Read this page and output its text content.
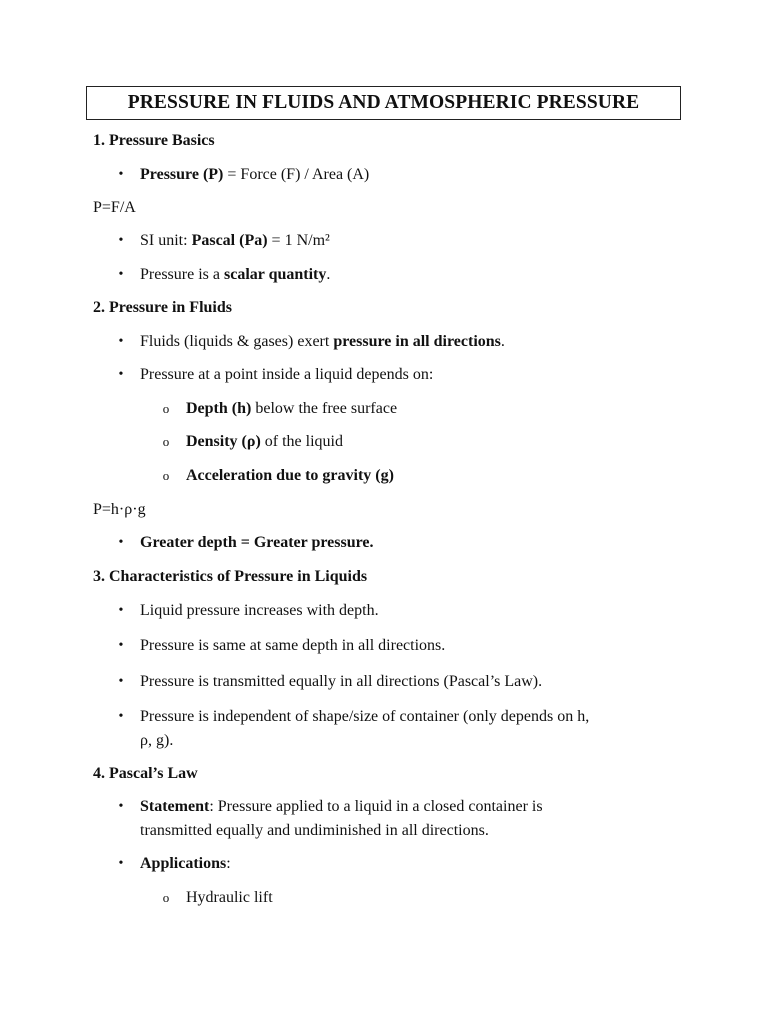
PRESSURE IN FLUIDS AND ATMOSPHERIC PRESSURE
1. Pressure Basics
• Pressure (P) = Force (F) / Area (A)
P=F/A
• SI unit: Pascal (Pa) = 1 N/m²
• Pressure is a scalar quantity.
2. Pressure in Fluids
• Fluids (liquids & gases) exert pressure in all directions.
• Pressure at a point inside a liquid depends on:
o Depth (h) below the free surface
o Density (ρ) of the liquid
o Acceleration due to gravity (g)
P=h·ρ·g
• Greater depth = Greater pressure.
3. Characteristics of Pressure in Liquids
• Liquid pressure increases with depth.
• Pressure is same at same depth in all directions.
• Pressure is transmitted equally in all directions (Pascal’s Law).
• Pressure is independent of shape/size of container (only depends on h,
ρ, g).
4. Pascal’s Law
• Statement: Pressure applied to a liquid in a closed container is
transmitted equally and undiminished in all directions.
• Applications:
o Hydraulic lift
